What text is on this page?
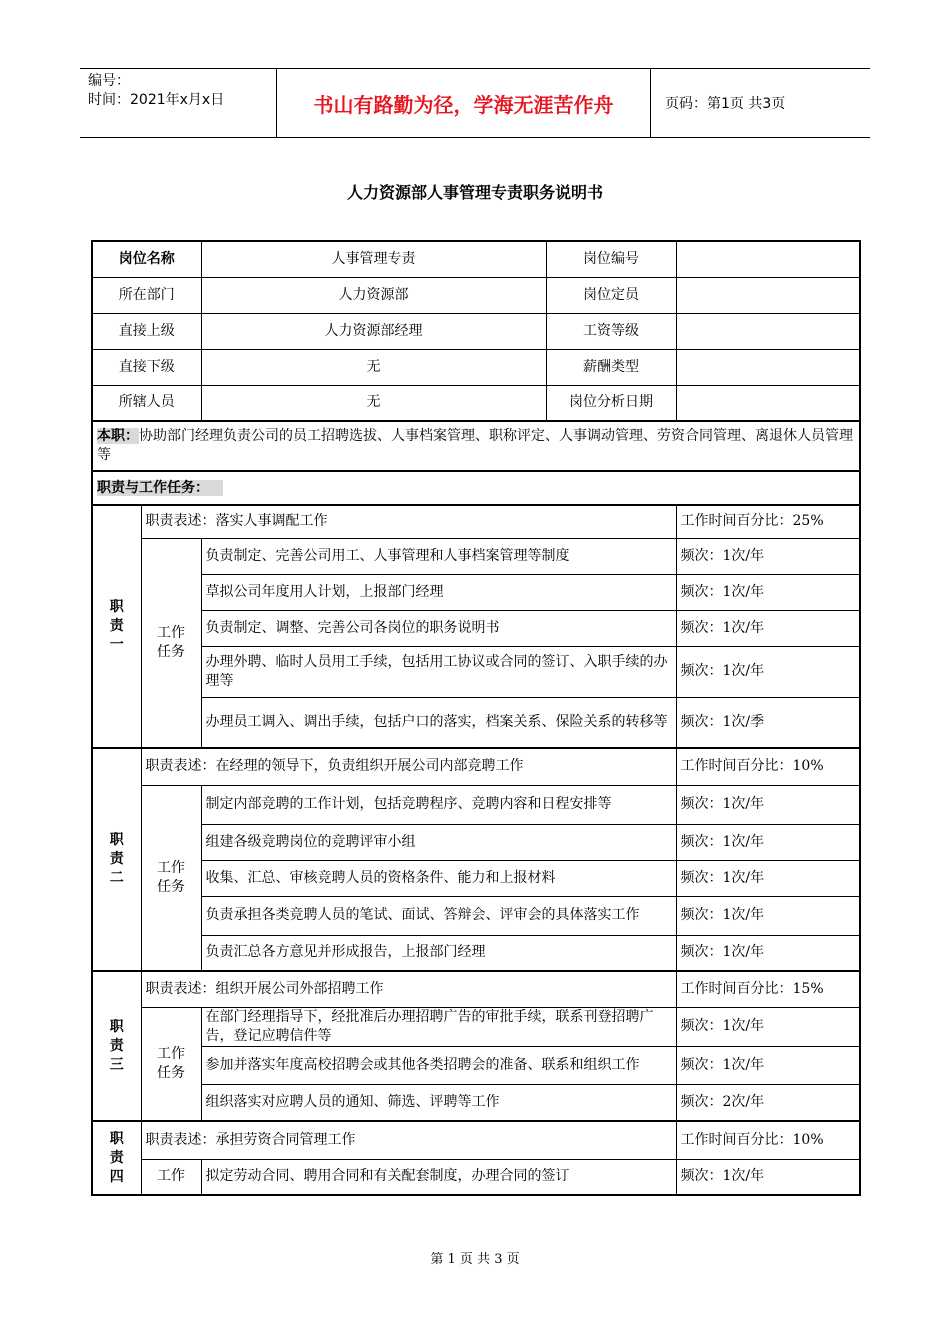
编号：
时间：2021年x月x日	书山有路勤为径，学海无涯苦作舟	页码：第1页 共3页
人力资源部人事管理专责职务说明书
岗位名称		人事管理专责	岗位编号	
所在部门		人力资源部	岗位定员	
直接上级		人力资源部经理	工资等级	
直接下级		无	薪酬类型	
所辖人员		无	岗位分析日期	
本职：协助部门经理负责公司的员工招聘选拔、人事档案管理、职称评定、人事调动管理、劳资合同管理、离退休人员管理等				
职责与工作任务：				

职责一	职责表述：落实人事调配工作			工作时间百分比：25%

	工作任务	负责制定、完善公司用工、人事管理和人事档案管理等制度		频次：1次/年
		草拟公司年度用人计划，上报部门经理		频次：1次/年
		负责制定、调整、完善公司各岗位的职务说明书		频次：1次/年
		办理外聘、临时人员用工手续，包括用工协议或合同的签订、入职手续的办理等		频次：1次/年
		办理员工调入、调出手续，包括户口的落实，档案关系、保险关系的转移等		频次：1次/季

职责二	职责表述：在经理的领导下，负责组织开展公司内部竞聘工作			工作时间百分比：10%

	工作任务	制定内部竞聘的工作计划，包括竞聘程序、竞聘内容和日程安排等		频次：1次/年
		组建各级竞聘岗位的竞聘评审小组		频次：1次/年
		收集、汇总、审核竞聘人员的资格条件、能力和上报材料		频次：1次/年
		负责承担各类竞聘人员的笔试、面试、答辩会、评审会的具体落实工作		频次：1次/年
		负责汇总各方意见并形成报告，上报部门经理		频次：1次/年

职责三	职责表述：组织开展公司外部招聘工作			工作时间百分比：15%

	工作任务	在部门经理指导下，经批准后办理招聘广告的审批手续，联系刊登招聘广告，登记应聘信件等		频次：1次/年
		参加并落实年度高校招聘会或其他各类招聘会的准备、联系和组织工作		频次：1次/年
		组织落实对应聘人员的通知、筛选、评聘等工作		频次：2次/年

职责四	职责表述：承担劳资合同管理工作			工作时间百分比：10%
	工作	拟定劳动合同、聘用合同和有关配套制度，办理合同的签订		频次：1次/年
第 1 页 共 3 页
